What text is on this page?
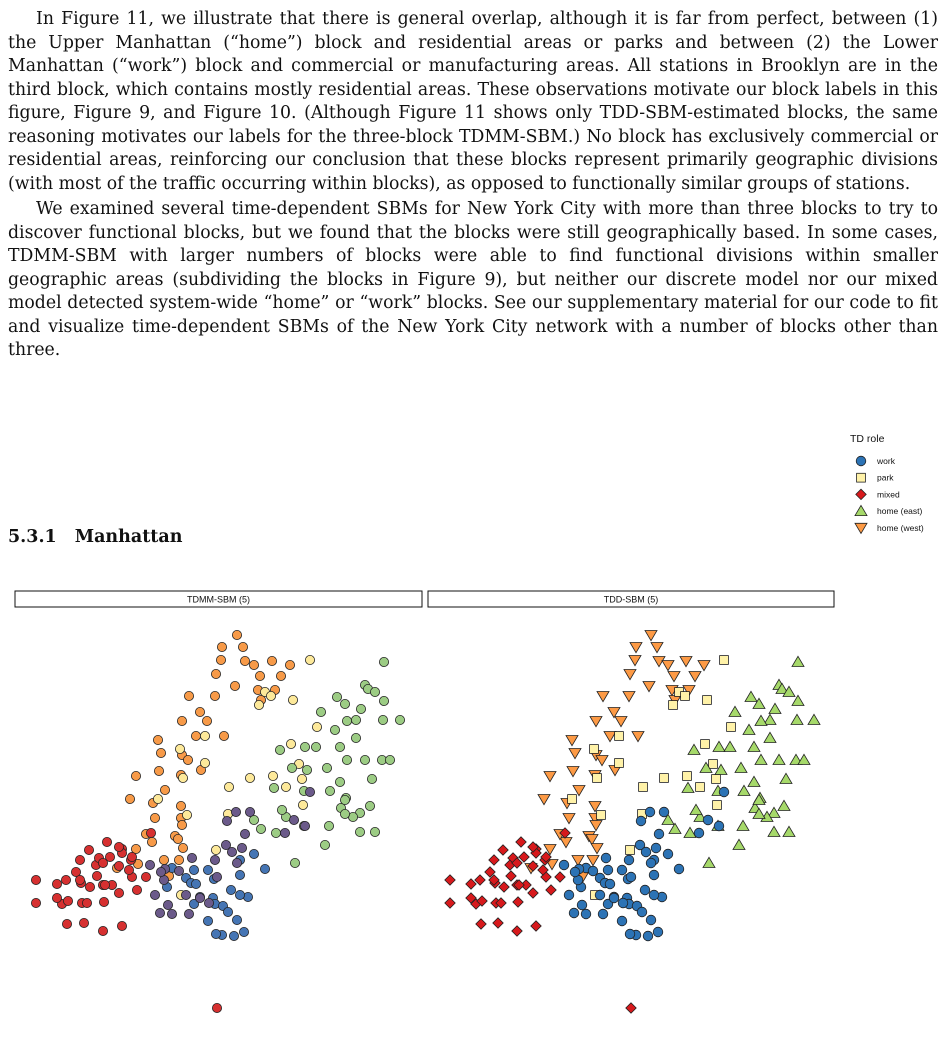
In Figure 11, we illustrate that there is general overlap, although it is far from perfect, between (1) the Upper Manhattan (“home”) block and residential areas or parks and between (2) the Lower Manhattan (“work”) block and commercial or manufacturing areas. All stations in Brooklyn are in the third block, which contains mostly residential areas. These observations motivate our block labels in this figure, Figure 9, and Figure 10. (Although Figure 11 shows only TDD-SBM-estimated blocks, the same reasoning motivates our labels for the three-block TDMM-SBM.) No block has exclusively commercial or residential areas, reinforcing our conclusion that these blocks represent primarily geographic divisions (with most of the traffic occurring within blocks), as opposed to functionally similar groups of stations.

We examined several time-dependent SBMs for New York City with more than three blocks to try to discover functional blocks, but we found that the blocks were still geographically based. In some cases, TDMM-SBM with larger numbers of blocks were able to find functional divisions within smaller geographic areas (subdividing the blocks in Figure 9), but neither our discrete model nor our mixed model detected system-wide “home” or “work” blocks. See our supplementary material for our code to fit and visualize time-dependent SBMs of the New York City network with a number of blocks other than three.

5.3.1 Manhattan
TDMM-SBM (5)	TDD-SBM (5)
TD role
work
park
mixed
home (east)
home (west)
